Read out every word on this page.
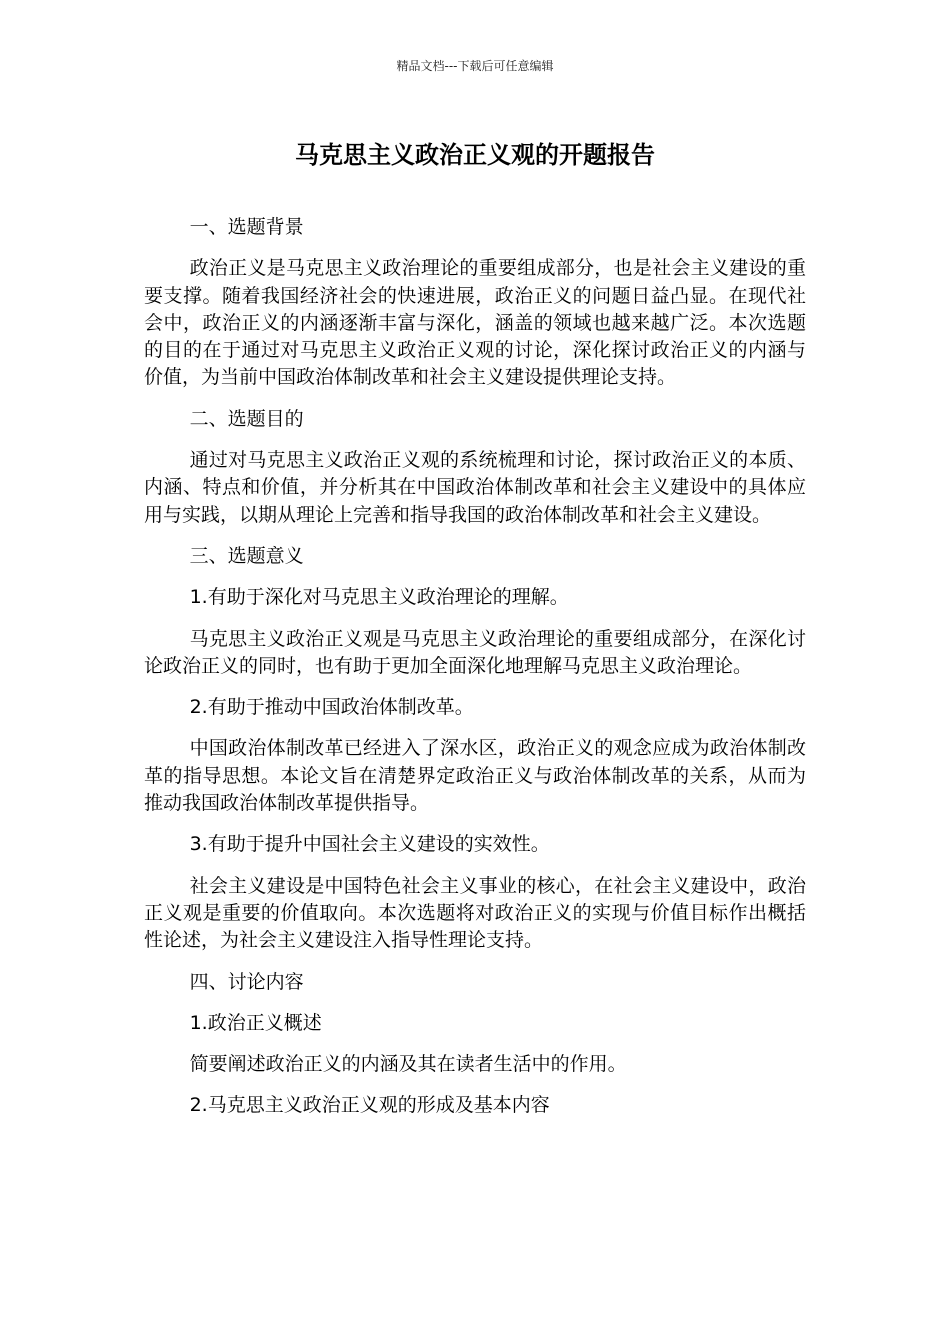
精品文档---下载后可任意编辑
马克思主义政治正义观的开题报告

一、选题背景

政治正义是马克思主义政治理论的重要组成部分，也是社会主义建设的重要支撑。随着我国经济社会的快速进展，政治正义的问题日益凸显。在现代社会中，政治正义的内涵逐渐丰富与深化，涵盖的领域也越来越广泛。本次选题的目的在于通过对马克思主义政治正义观的讨论，深化探讨政治正义的内涵与价值，为当前中国政治体制改革和社会主义建设提供理论支持。

二、选题目的

通过对马克思主义政治正义观的系统梳理和讨论，探讨政治正义的本质、内涵、特点和价值，并分析其在中国政治体制改革和社会主义建设中的具体应用与实践，以期从理论上完善和指导我国的政治体制改革和社会主义建设。

三、选题意义

1.有助于深化对马克思主义政治理论的理解。

马克思主义政治正义观是马克思主义政治理论的重要组成部分，在深化讨论政治正义的同时，也有助于更加全面深化地理解马克思主义政治理论。

2.有助于推动中国政治体制改革。

中国政治体制改革已经进入了深水区，政治正义的观念应成为政治体制改革的指导思想。本论文旨在清楚界定政治正义与政治体制改革的关系，从而为推动我国政治体制改革提供指导。

3.有助于提升中国社会主义建设的实效性。

社会主义建设是中国特色社会主义事业的核心，在社会主义建设中，政治正义观是重要的价值取向。本次选题将对政治正义的实现与价值目标作出概括性论述，为社会主义建设注入指导性理论支持。

四、讨论内容

1.政治正义概述

简要阐述政治正义的内涵及其在读者生活中的作用。

2.马克思主义政治正义观的形成及基本内容
